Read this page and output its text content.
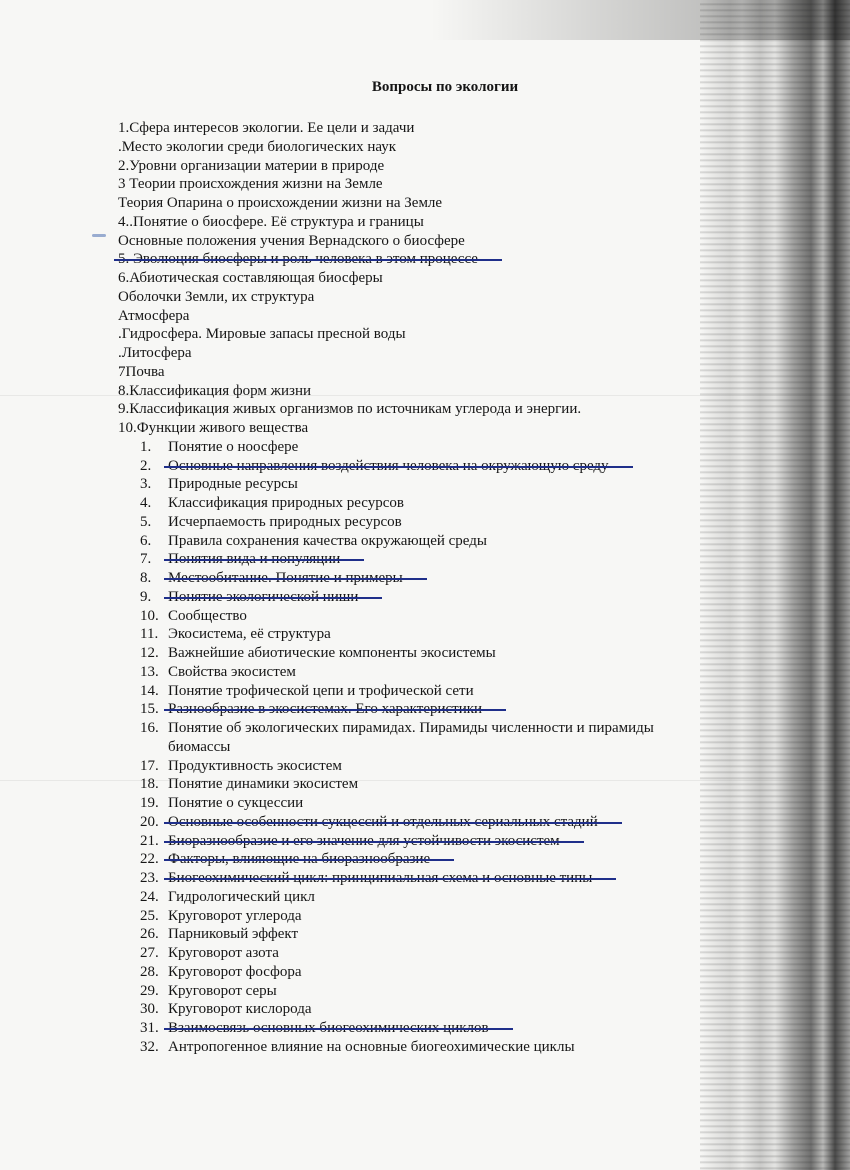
Вопросы по экологии
1.Сфера интересов экологии. Ее цели и задачи
.Место экологии среди биологических наук
2.Уровни организации материи в природе
3 Теории происхождения жизни на Земле
Теория Опарина о происхождении жизни на Земле
4..Понятие о биосфере. Её структура и границы
Основные положения учения Вернадского о биосфере
5. Эволюция биосферы и роль человека в этом процессе
6.Абиотическая составляющая биосферы
Оболочки Земли, их структура
Атмосфера
.Гидросфера. Мировые запасы пресной воды
.Литосфера
7Почва
8.Классификация форм жизни
9.Классификация живых организмов по источникам углерода и энергии.
10.Функции живого вещества
1. Понятие о ноосфере
2. Основные направления воздействия человека на окружающую среду
3. Природные ресурсы
4. Классификация природных ресурсов
5. Исчерпаемость природных ресурсов
6. Правила сохранения качества окружающей среды
7. Понятия вида и популяции
8. Местообитание. Понятие и примеры
9. Понятие экологической ниши
10. Сообщество
11. Экосистема, её структура
12. Важнейшие абиотические компоненты экосистемы
13. Свойства экосистем
14. Понятие трофической цепи и трофической сети
15. Разнообразие в экосистемах. Его характеристики
16. Понятие об экологических пирамидах. Пирамиды численности и пирамиды
биомассы
17. Продуктивность экосистем
18. Понятие динамики экосистем
19. Понятие о сукцессии
20. Основные особенности сукцессий и отдельных сериальных стадий
21. Биоразнообразие и его значение для устойчивости экосистем
22. Факторы, влияющие на биоразнообразие
23. Биогеохимический цикл: принципиальная схема и основные типы
24. Гидрологический цикл
25. Круговорот углерода
26. Парниковый эффект
27. Круговорот азота
28. Круговорот фосфора
29. Круговорот серы
30. Круговорот кислорода
31. Взаимосвязь основных биогеохимических циклов
32. Антропогенное влияние на основные биогеохимические циклы
